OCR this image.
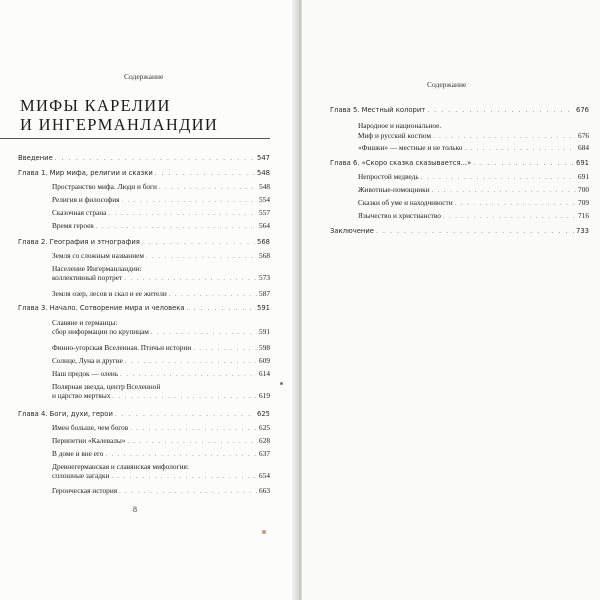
Содержание
МИФЫ КАРЕЛИИ
И ИНГЕРМАНЛАНДИИ
Введение . . .	547
Глава 1. Мир мифа, религии и сказки . . .	548
Пространство мифа. Люди и боги . . .	548
Религия и философия . . .	554
Сказочная страна . . .	557
Время героев . . .	564
Глава 2. География и этнография . . .	568
Земля со сложным названием . . .	568
Население Ингерманландии:
коллективный портрет . . .	573
Земля озер, лесов и скал и ее жители . . .	587
Глава 3. Начало. Сотворение мира и человека . . .	591
Славяне и германцы:
сбор информации по крупицам . . .	591
Финно-угорская Вселенная. Птичьи истории . . .	598
Солнце, Луна и другие . . .	609
Наш предок — олень . . .	614
Полярная звезда, центр Вселенной
и царство мертвых . . .	619
Глава 4. Боги, духи, герои . . .	625
Имен больше, чем богов . . .	625
Перипетии «Калевалы» . . .	628
В доме и вне его . . .	637
Древнегерманская и славянская мифология:
сплошные загадки . . .	654
Героическая история . . .	663
8
Содержание
Глава 5. Местный колорит . . .	676
Народное и национальное.
Миф и русский костюм . . .	676
«Фишки» — местные и не только . . .	684
Глава 6. «Скоро сказка сказывается...» . . .	691
Непростой медведь . . .	691
Животные-помощники . . .	700
Сказки об уме и находчивости . . .	709
Язычество и христианство . . .	716
Заключение . . .	733
